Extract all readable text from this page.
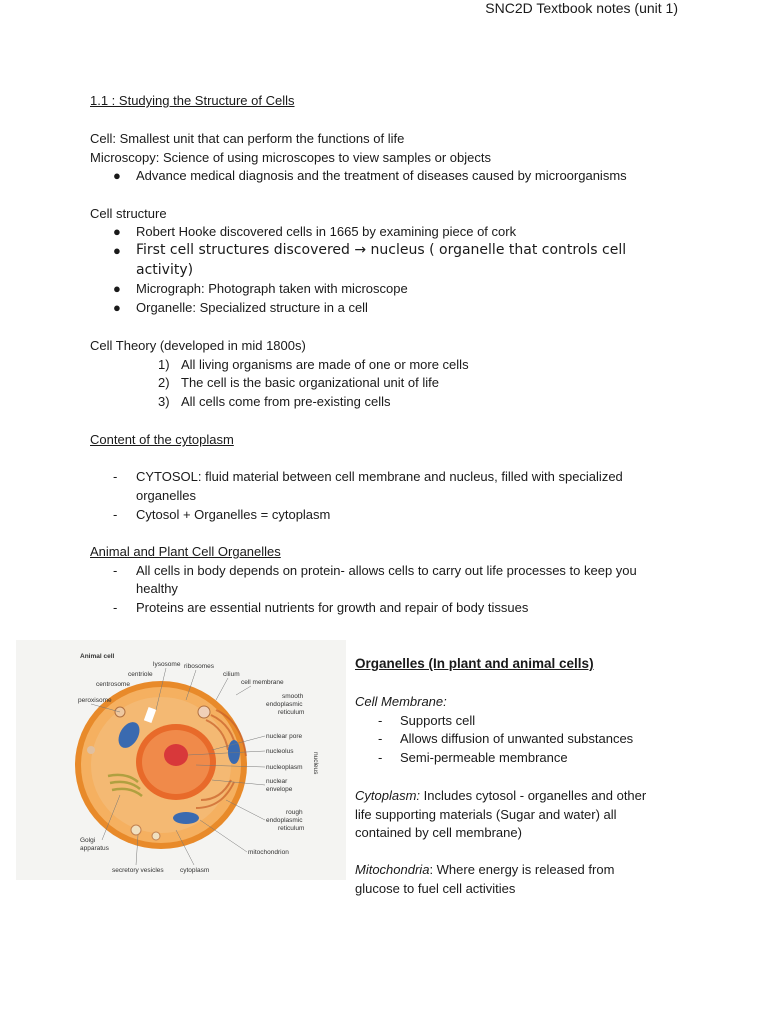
SNC2D Textbook notes (unit 1)
1.1 : Studying the Structure of Cells
Cell: Smallest unit that can perform the functions of life
Microscopy: Science of using microscopes to view samples or objects
● Advance medical diagnosis and the treatment of diseases caused by microorganisms
Cell structure
● Robert Hooke discovered cells in 1665 by examining piece of cork
● First cell structures discovered → nucleus ( organelle that controls cell
activity)
● Micrograph: Photograph taken with microscope
● Organelle: Specialized structure in a cell
Cell Theory (developed in mid 1800s)
1) All living organisms are made of one or more cells
2) The cell is the basic organizational unit of life
3) All cells come from pre-existing cells
Content of the cytoplasm
- CYTOSOL: fluid material between cell membrane and nucleus, filled with specialized
organelles
- Cytosol + Organelles = cytoplasm
Animal and Plant Cell Organelles
- All cells in body depends on protein- allows cells to carry out life processes to keep you
healthy
- Proteins are essential nutrients for growth and repair of body tissues
Animal cell
lysosome ribosomes
centriole	cilium
centrosome	cell membrane
peroxisome
smooth
endoplasmic
reticulum
nuclear pore
nucleolus
nucleoplasm
nuclear
envelope
nucleus
rough
endoplasmic
reticulum
Golgi
apparatus
mitochondrion
secretory vesicles	cytoplasm
Organelles (In plant and animal cells)
Cell Membrane:
- Supports cell
- Allows diffusion of unwanted substances
- Semi-permeable membrance
Cytoplasm: Includes cytosol - organelles and other
life supporting materials (Sugar and water) all
contained by cell membrane)
Mitochondria: Where energy is released from
glucose to fuel cell activities
